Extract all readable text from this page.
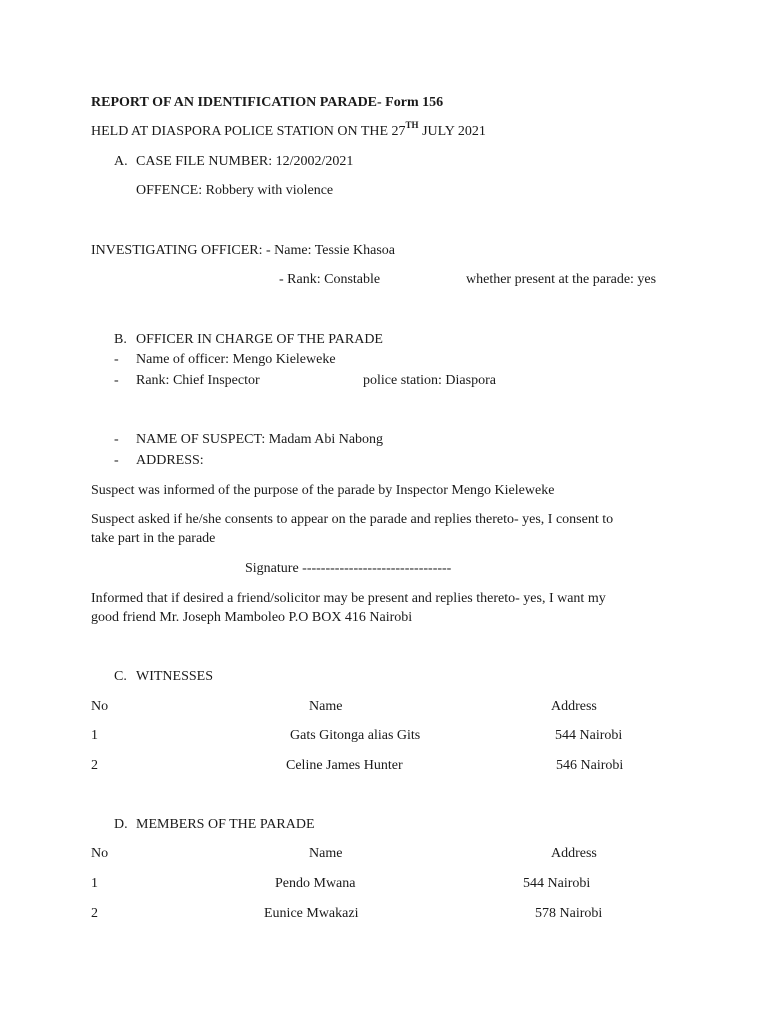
REPORT OF AN IDENTIFICATION PARADE- Form 156
HELD AT DIASPORA POLICE STATION ON THE 27TH JULY 2021
A. CASE FILE NUMBER: 12/2002/2021
OFFENCE: Robbery with violence
INVESTIGATING OFFICER: - Name: Tessie Khasoa
- Rank: Constable	whether present at the parade: yes
B. OFFICER IN CHARGE OF THE PARADE
- Name of officer: Mengo Kieleweke
- Rank: Chief Inspector	police station: Diaspora
- NAME OF SUSPECT: Madam Abi Nabong
- ADDRESS:
Suspect was informed of the purpose of the parade by Inspector Mengo Kieleweke
Suspect asked if he/she consents to appear on the parade and replies thereto- yes, I consent to
take part in the parade
Signature --------------------------------
Informed that if desired a friend/solicitor may be present and replies thereto- yes, I want my
good friend Mr. Joseph Mamboleo P.O BOX 416 Nairobi
C. WITNESSES
No	Name	Address
1	Gats Gitonga alias Gits	544 Nairobi
2	Celine James Hunter	546 Nairobi
D. MEMBERS OF THE PARADE
No	Name	Address
1	Pendo Mwana	544 Nairobi
2	Eunice Mwakazi	578 Nairobi
